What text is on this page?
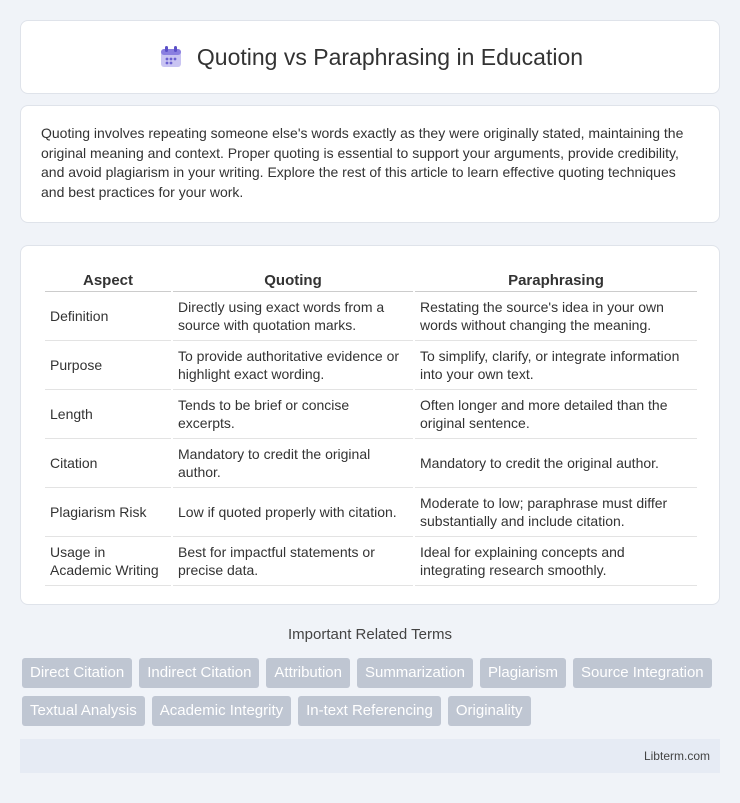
Quoting vs Paraphrasing in Education

Quoting involves repeating someone else's words exactly as they were originally stated, maintaining the original meaning and context. Proper quoting is essential to support your arguments, provide credibility, and avoid plagiarism in your writing. Explore the rest of this article to learn effective quoting techniques and best practices for your work.

Aspect	Quoting	Paraphrasing
Definition	Directly using exact words from a source with quotation marks.	Restating the source's idea in your own words without changing the meaning.
Purpose	To provide authoritative evidence or highlight exact wording.	To simplify, clarify, or integrate information into your own text.
Length	Tends to be brief or concise excerpts.	Often longer and more detailed than the original sentence.
Citation	Mandatory to credit the original author.	Mandatory to credit the original author.
Plagiarism Risk	Low if quoted properly with citation.	Moderate to low; paraphrase must differ substantially and include citation.
Usage in Academic Writing	Best for impactful statements or precise data.	Ideal for explaining concepts and integrating research smoothly.
Important Related Terms
Direct Citation	Indirect Citation	Attribution	Summarization	Plagiarism	Source Integration
Textual Analysis	Academic Integrity	In-text Referencing	Originality
Libterm.com
